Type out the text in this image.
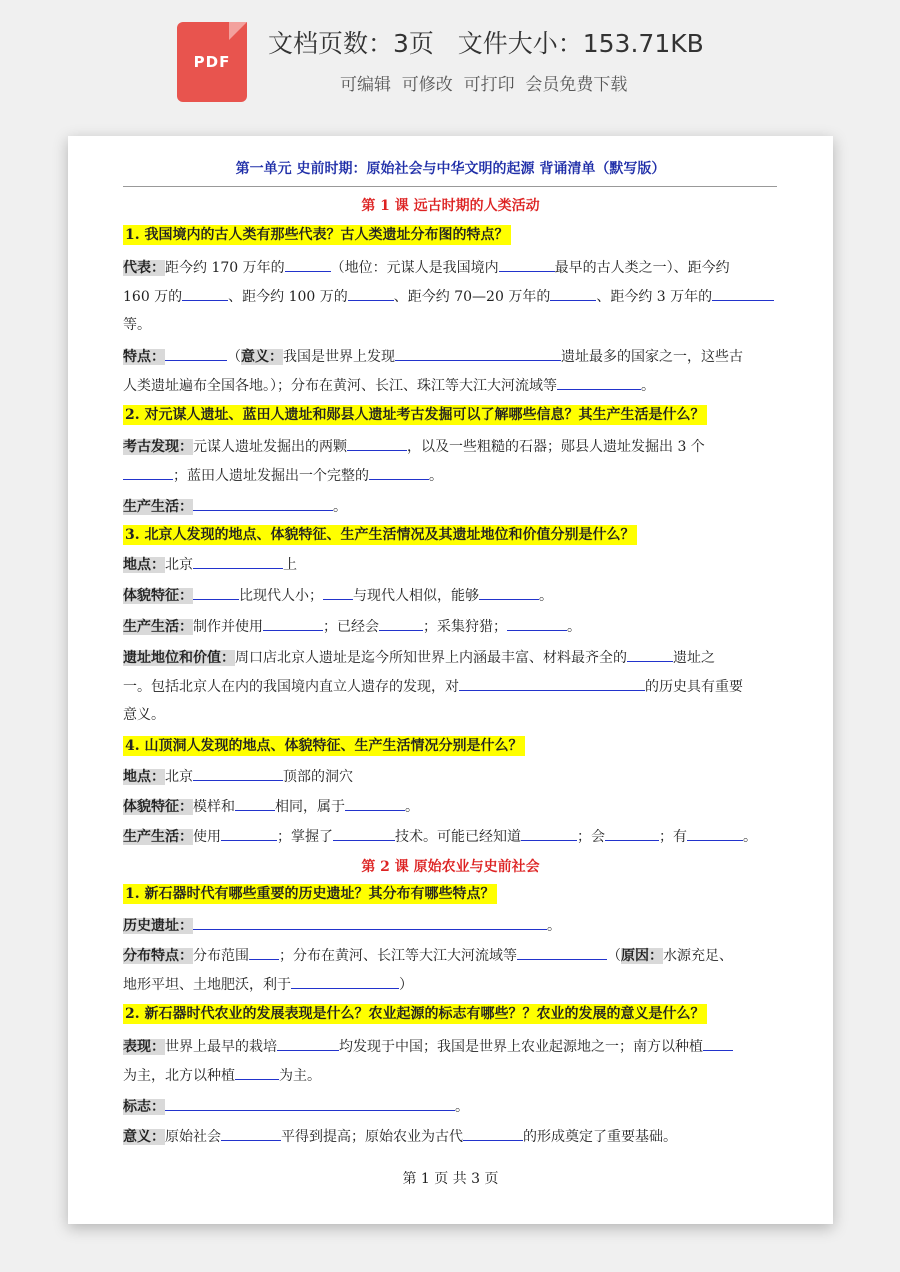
PDF
文档页数：3页   文件大小：153.71KB
可编辑  可修改  可打印  会员免费下载
第一单元 史前时期：原始社会与中华文明的起源 背诵清单（默写版）
第 1 课 远古时期的人类活动
1. 我国境内的古人类有那些代表？古人类遗址分布图的特点？
代表：距今约 170 万年的	（地位：元谋人是我国境内	最早的古人类之一）、距今约
160 万的	、距今约 100 万的	、距今约 70—20 万年的	、距今约 3 万年的
等。
特点：	（意义：我国是世界上发现	遗址最多的国家之一，这些古
人类遗址遍布全国各地。）；分布在黄河、长江、珠江等大江大河流域等	。
2. 对元谋人遗址、蓝田人遗址和郧县人遗址考古发掘可以了解哪些信息？其生产生活是什么？
考古发现：元谋人遗址发掘出的两颗	，以及一些粗糙的石器；郧县人遗址发掘出 3 个
；蓝田人遗址发掘出一个完整的	。
生产生活：	。
3. 北京人发现的地点、体貌特征、生产生活情况及其遗址地位和价值分别是什么？
地点：北京	上
体貌特征：	比现代人小； 与现代人相似，能够	。
生产生活：制作并使用	；已经会	；采集狩猎；	。
遗址地位和价值：周口店北京人遗址是迄今所知世界上内涵最丰富、材料最齐全的	遗址之
一。包括北京人在内的我国境内直立人遗存的发现，对	的历史具有重要
意义。
4. 山顶洞人发现的地点、体貌特征、生产生活情况分别是什么？
地点：北京	顶部的洞穴
体貌特征：模样和	相同，属于	。
生产生活：使用	；掌握了	技术。可能已经知道	；会	；有	。
第 2 课 原始农业与史前社会
1. 新石器时代有哪些重要的历史遗址？其分布有哪些特点？
历史遗址：	。
分布特点：分布范围 ；分布在黄河、长江等大江大河流域等	（原因：水源充足、
地形平坦、土地肥沃，利于	）
2. 新石器时代农业的发展表现是什么？农业起源的标志有哪些？？农业的发展的意义是什么？
表现：世界上最早的栽培	均发现于中国；我国是世界上农业起源地之一；南方以种植
为主，北方以种植	为主。
标志：	。
意义：原始社会	平得到提高；原始农业为古代	的形成奠定了重要基础。
第 1 页 共 3 页
